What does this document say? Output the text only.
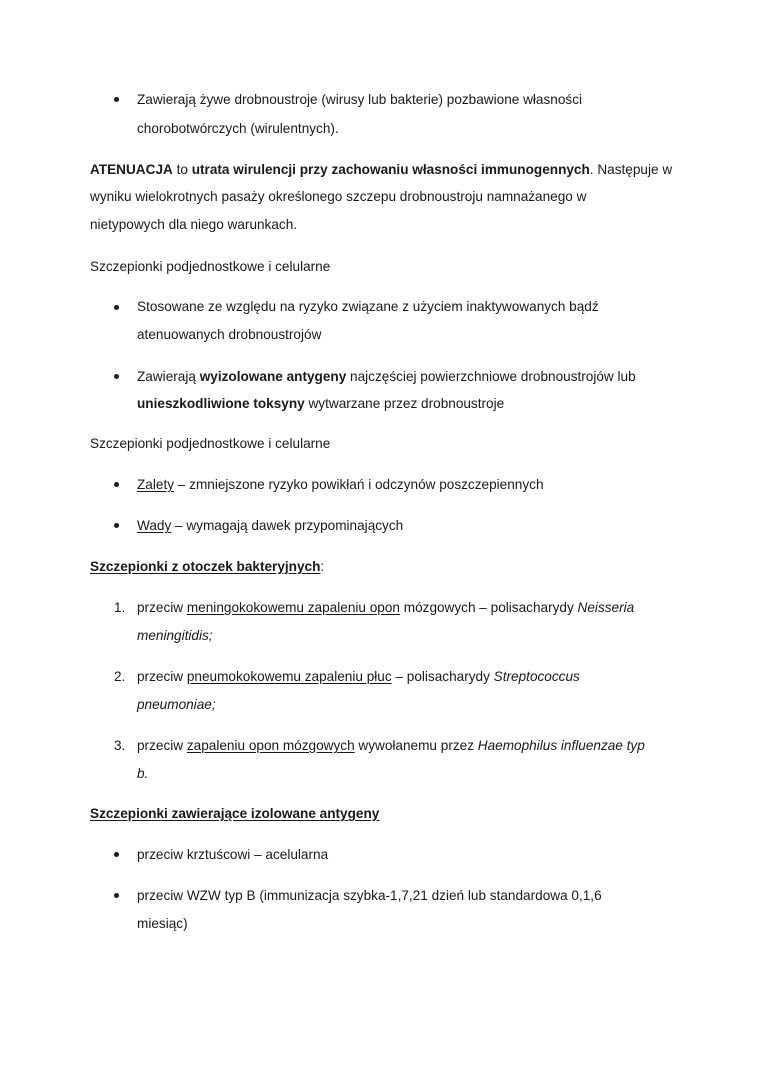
Zawierają żywe drobnoustroje (wirusy lub bakterie) pozbawione własności
chorobotwórczych (wirulentnych).
ATENUACJA to utrata wirulencji przy zachowaniu własności immunogennych. Następuje w
wyniku wielokrotnych pasaży określonego szczepu drobnoustroju namnażanego w
nietypowych dla niego warunkach.
Szczepionki podjednostkowe i celularne
Stosowane ze względu na ryzyko związane z użyciem inaktywowanych bądź
atenuowanych drobnoustrojów
Zawierają wyizolowane antygeny najczęściej powierzchniowe drobnoustrojów lub
unieszkodliwione toksyny wytwarzane przez drobnoustroje
Szczepionki podjednostkowe i celularne
Zalety – zmniejszone ryzyko powikłań i odczynów poszczepiennych
Wady – wymagają dawek przypominających
Szczepionki z otoczek bakteryjnych:
1. przeciw meningokokowemu zapaleniu opon mózgowych – polisacharydy Neisseria
meningitidis;
2. przeciw pneumokokowemu zapaleniu płuc – polisacharydy Streptococcus
pneumoniae;
3. przeciw zapaleniu opon mózgowych wywołanemu przez Haemophilus influenzae typ
b.
Szczepionki zawierające izolowane antygeny
przeciw krztuścowi – acelularna
przeciw WZW typ B (immunizacja szybka-1,7,21 dzień lub standardowa 0,1,6
miesiąc)
